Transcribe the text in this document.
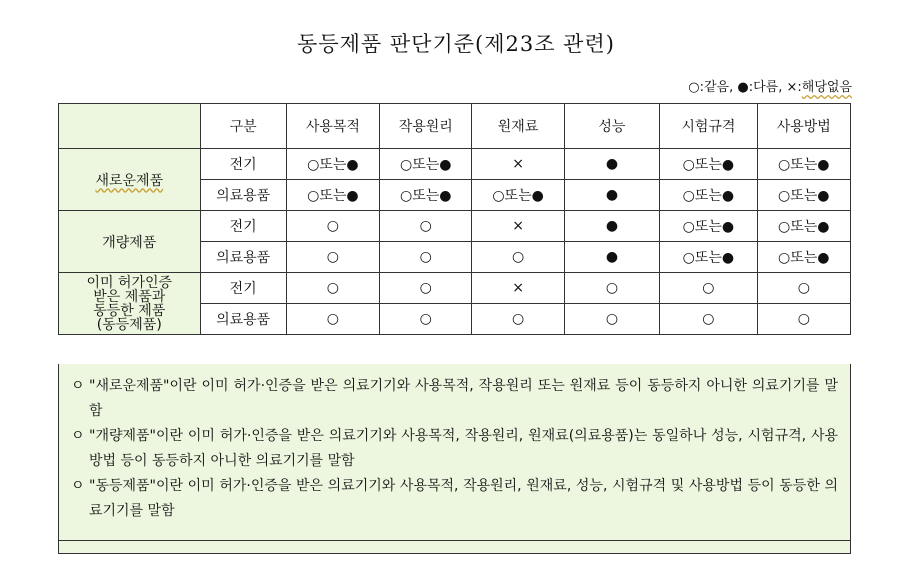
동등제품 판단기준(제23조 관련)
○:같음, ●:다름, ×:해당없음
	구분	사용목적	작용원리	원재료	성능	시험규격	사용방법
새로운제품	전기	○또는●	○또는●	×	●	○또는●	○또는●
	의료용품	○또는●	○또는●	○또는●	●	○또는●	○또는●
개량제품	전기	○	○	×	●	○또는●	○또는●
	의료용품	○	○	○	●	○또는●	○또는●

이미 허가인증
받은 제품과
동등한 제품
(동등제품)	전기	○	○	×	○	○	○
	의료용품	○	○	○	○	○	○
ㅇ "새로운제품"이란 이미 허가·인증을 받은 의료기기와 사용목적, 작용원리 또는 원재료 등이 동등하지 아니한 의료기기를 말함
ㅇ "개량제품"이란 이미 허가·인증을 받은 의료기기와 사용목적, 작용원리, 원재료(의료용품)는 동일하나 성능, 시험규격, 사용방법 등이 동등하지 아니한 의료기기를 말함
ㅇ "동등제품"이란 이미 허가·인증을 받은 의료기기와 사용목적, 작용원리, 원재료, 성능, 시험규격 및 사용방법 등이 동등한 의료기기를 말함
